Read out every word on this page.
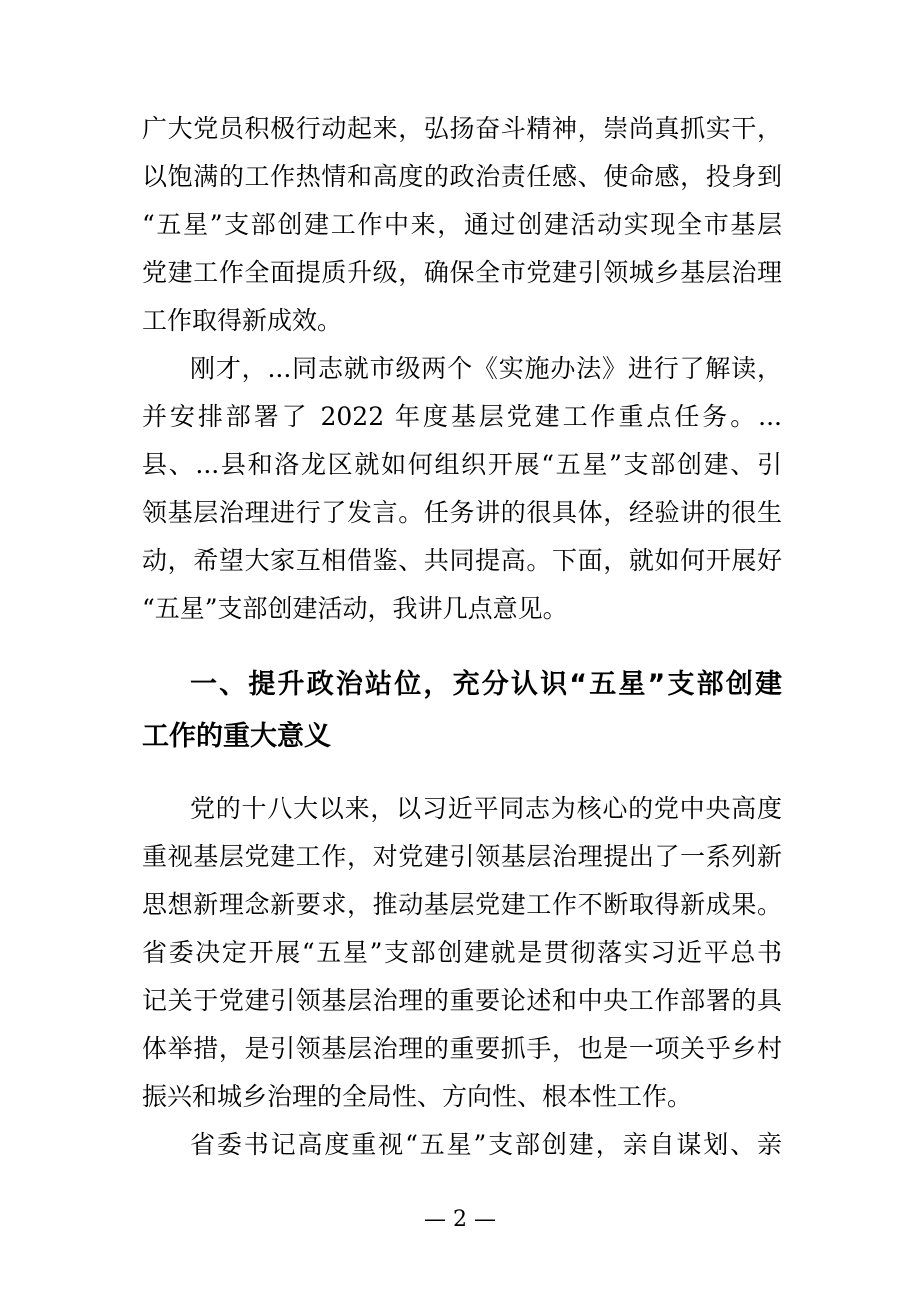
广大党员积极行动起来，弘扬奋斗精神，崇尚真抓实干，
以饱满的工作热情和高度的政治责任感、使命感，投身到
“五星”支部创建工作中来，通过创建活动实现全市基层
党建工作全面提质升级，确保全市党建引领城乡基层治理
工作取得新成效。
刚才，...同志就市级两个《实施办法》进行了解读，
并安排部署了 2022 年度基层党建工作重点任务。...
县、...县和洛龙区就如何组织开展“五星”支部创建、引
领基层治理进行了发言。任务讲的很具体，经验讲的很生
动，希望大家互相借鉴、共同提高。下面，就如何开展好
“五星”支部创建活动，我讲几点意见。
一、提升政治站位，充分认识“五星”支部创建
工作的重大意义
党的十八大以来，以习近平同志为核心的党中央高度
重视基层党建工作，对党建引领基层治理提出了一系列新
思想新理念新要求，推动基层党建工作不断取得新成果。
省委决定开展“五星”支部创建就是贯彻落实习近平总书
记关于党建引领基层治理的重要论述和中央工作部署的具
体举措，是引领基层治理的重要抓手，也是一项关乎乡村
振兴和城乡治理的全局性、方向性、根本性工作。
省委书记高度重视“五星”支部创建，亲自谋划、亲
— 2 —
